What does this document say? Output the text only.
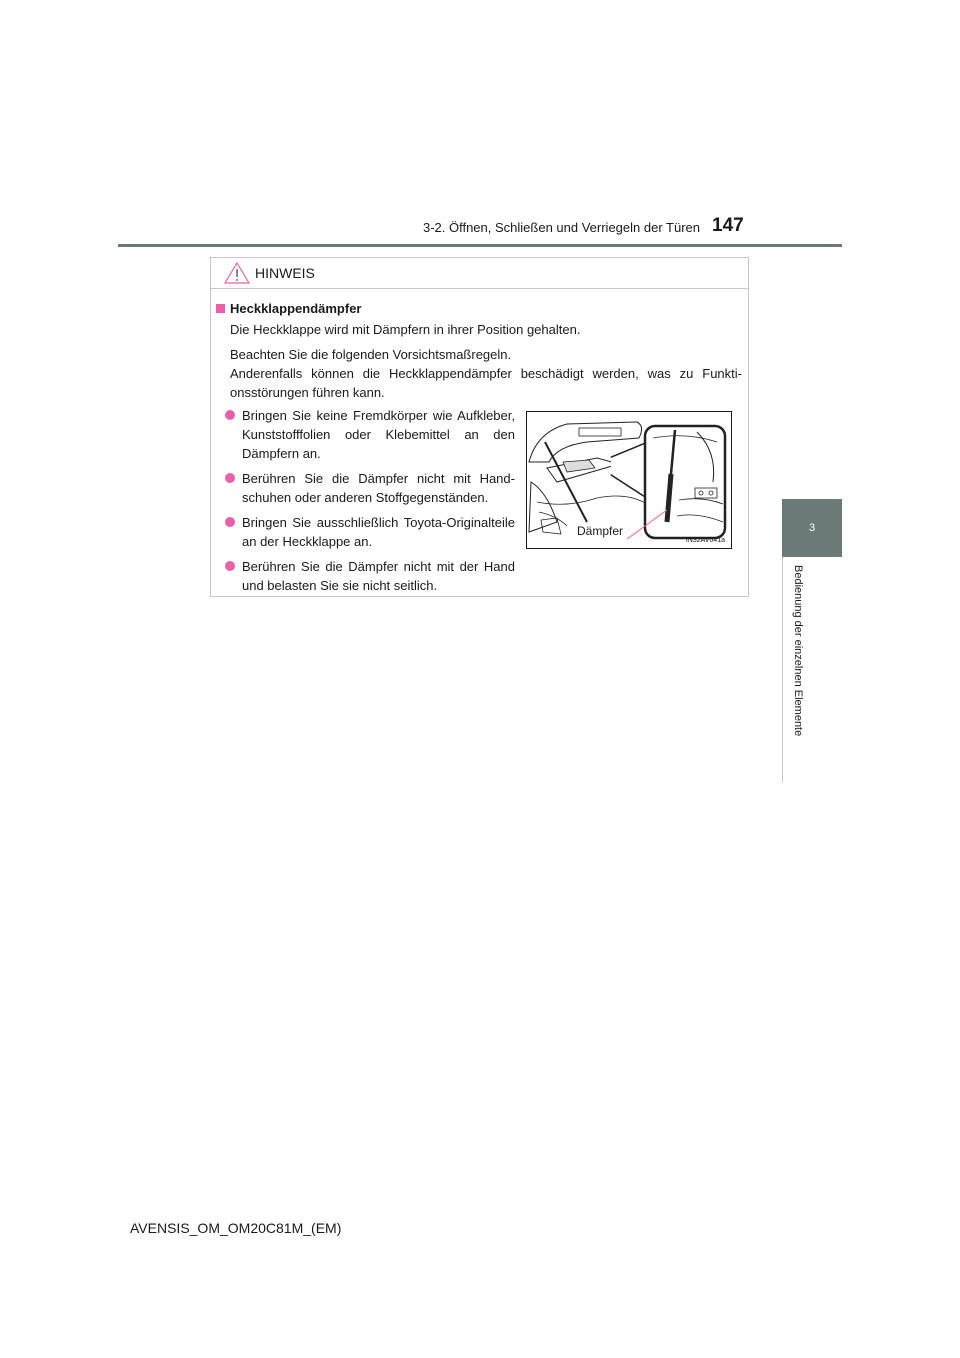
3-2. Öffnen, Schließen und Verriegeln der Türen 147
3
Bedienung der einzelnen Elemente
HINWEIS
Heckklappendämpfer
Die Heckklappe wird mit Dämpfern in ihrer Position gehalten.
Beachten Sie die folgenden Vorsichtsmaßregeln.
Anderenfalls können die Heckklappendämpfer beschädigt werden, was zu Funkti-
onsstörungen führen kann.
Bringen Sie keine Fremdkörper wie Aufkleber, Kunststofffolien oder Klebemittel an den Dämpfern an.
Berühren Sie die Dämpfer nicht mit Handschuhen oder anderen Stoffgegenständen.
Bringen Sie ausschließlich Toyota-Originalteile an der Heckklappe an.
Berühren Sie die Dämpfer nicht mit der Hand und belasten Sie sie nicht seitlich.
Dämpfer
IN32AV041a
AVENSIS_OM_OM20C81M_(EM)
